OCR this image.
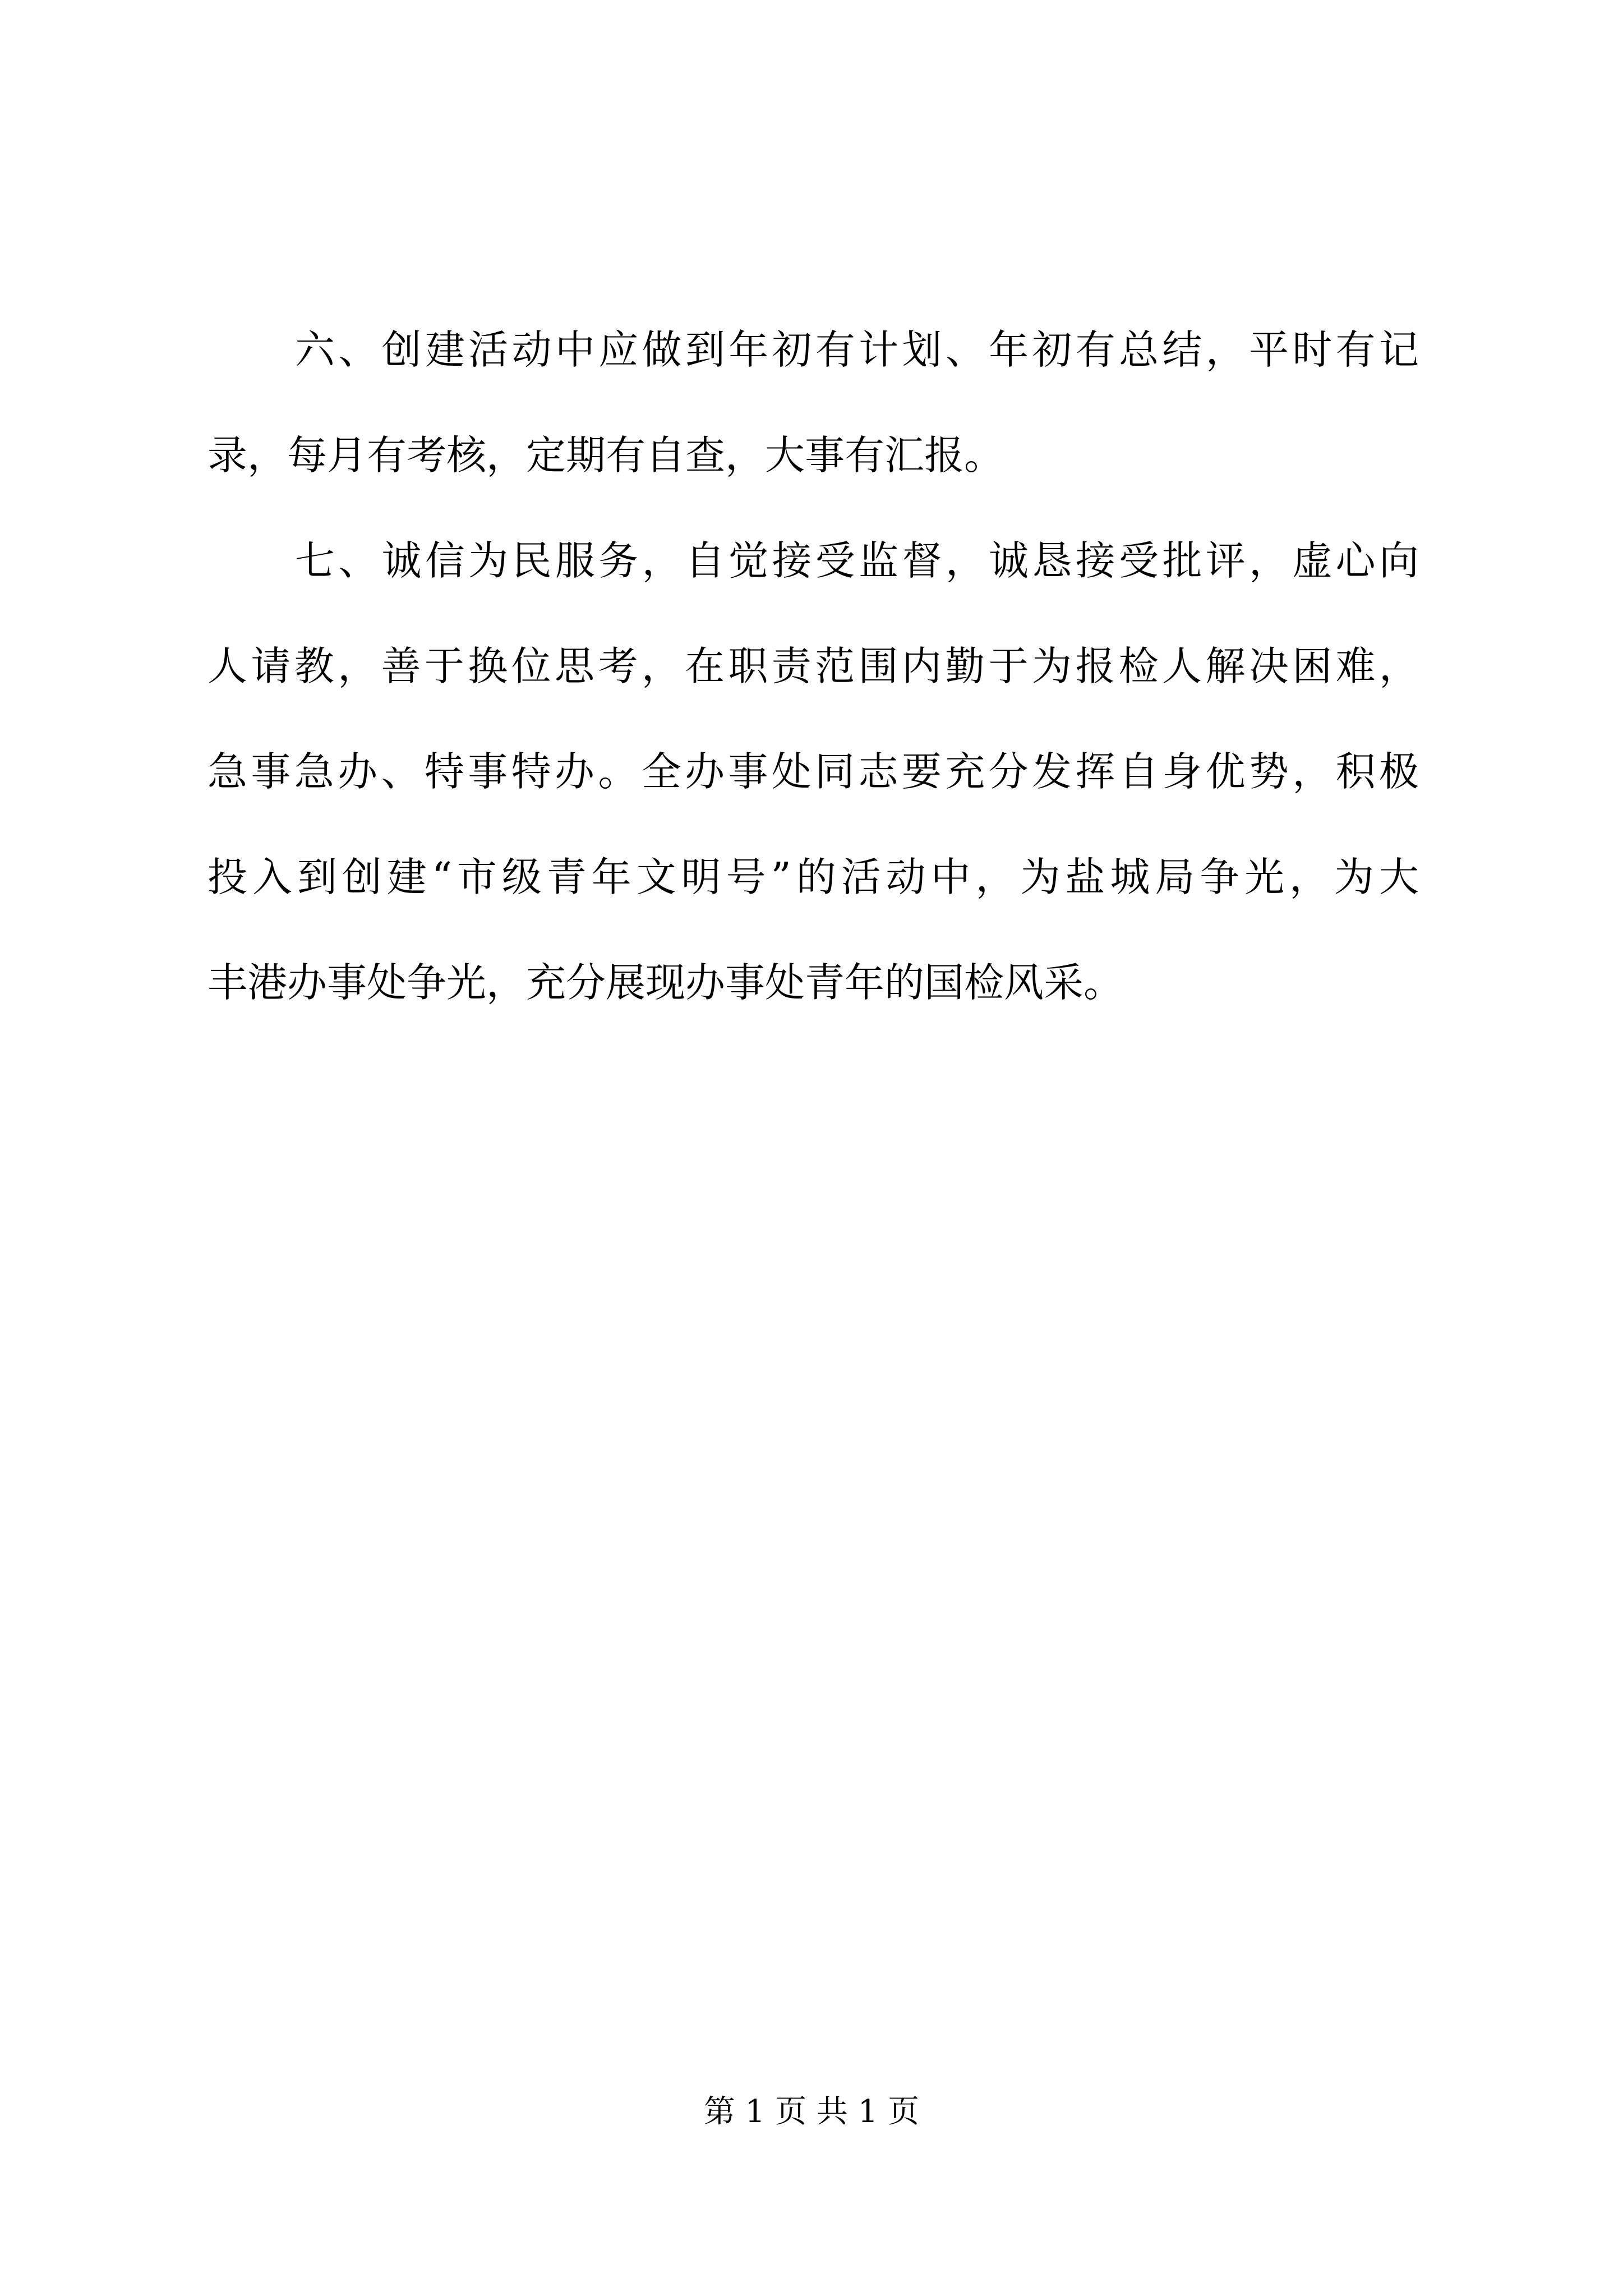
六、创建活动中应做到年初有计划、年初有总结，平时有记
录，每月有考核，定期有自查，大事有汇报。
七、诚信为民服务，自觉接受监督，诚恳接受批评，虚心向
人请教，善于换位思考，在职责范围内勤于为报检人解决困难，
急事急办、特事特办。全办事处同志要充分发挥自身优势，积极
投入到创建“市级青年文明号”的活动中，为盐城局争光，为大
丰港办事处争光，充分展现办事处青年的国检风采。
第 1 页 共 1 页
